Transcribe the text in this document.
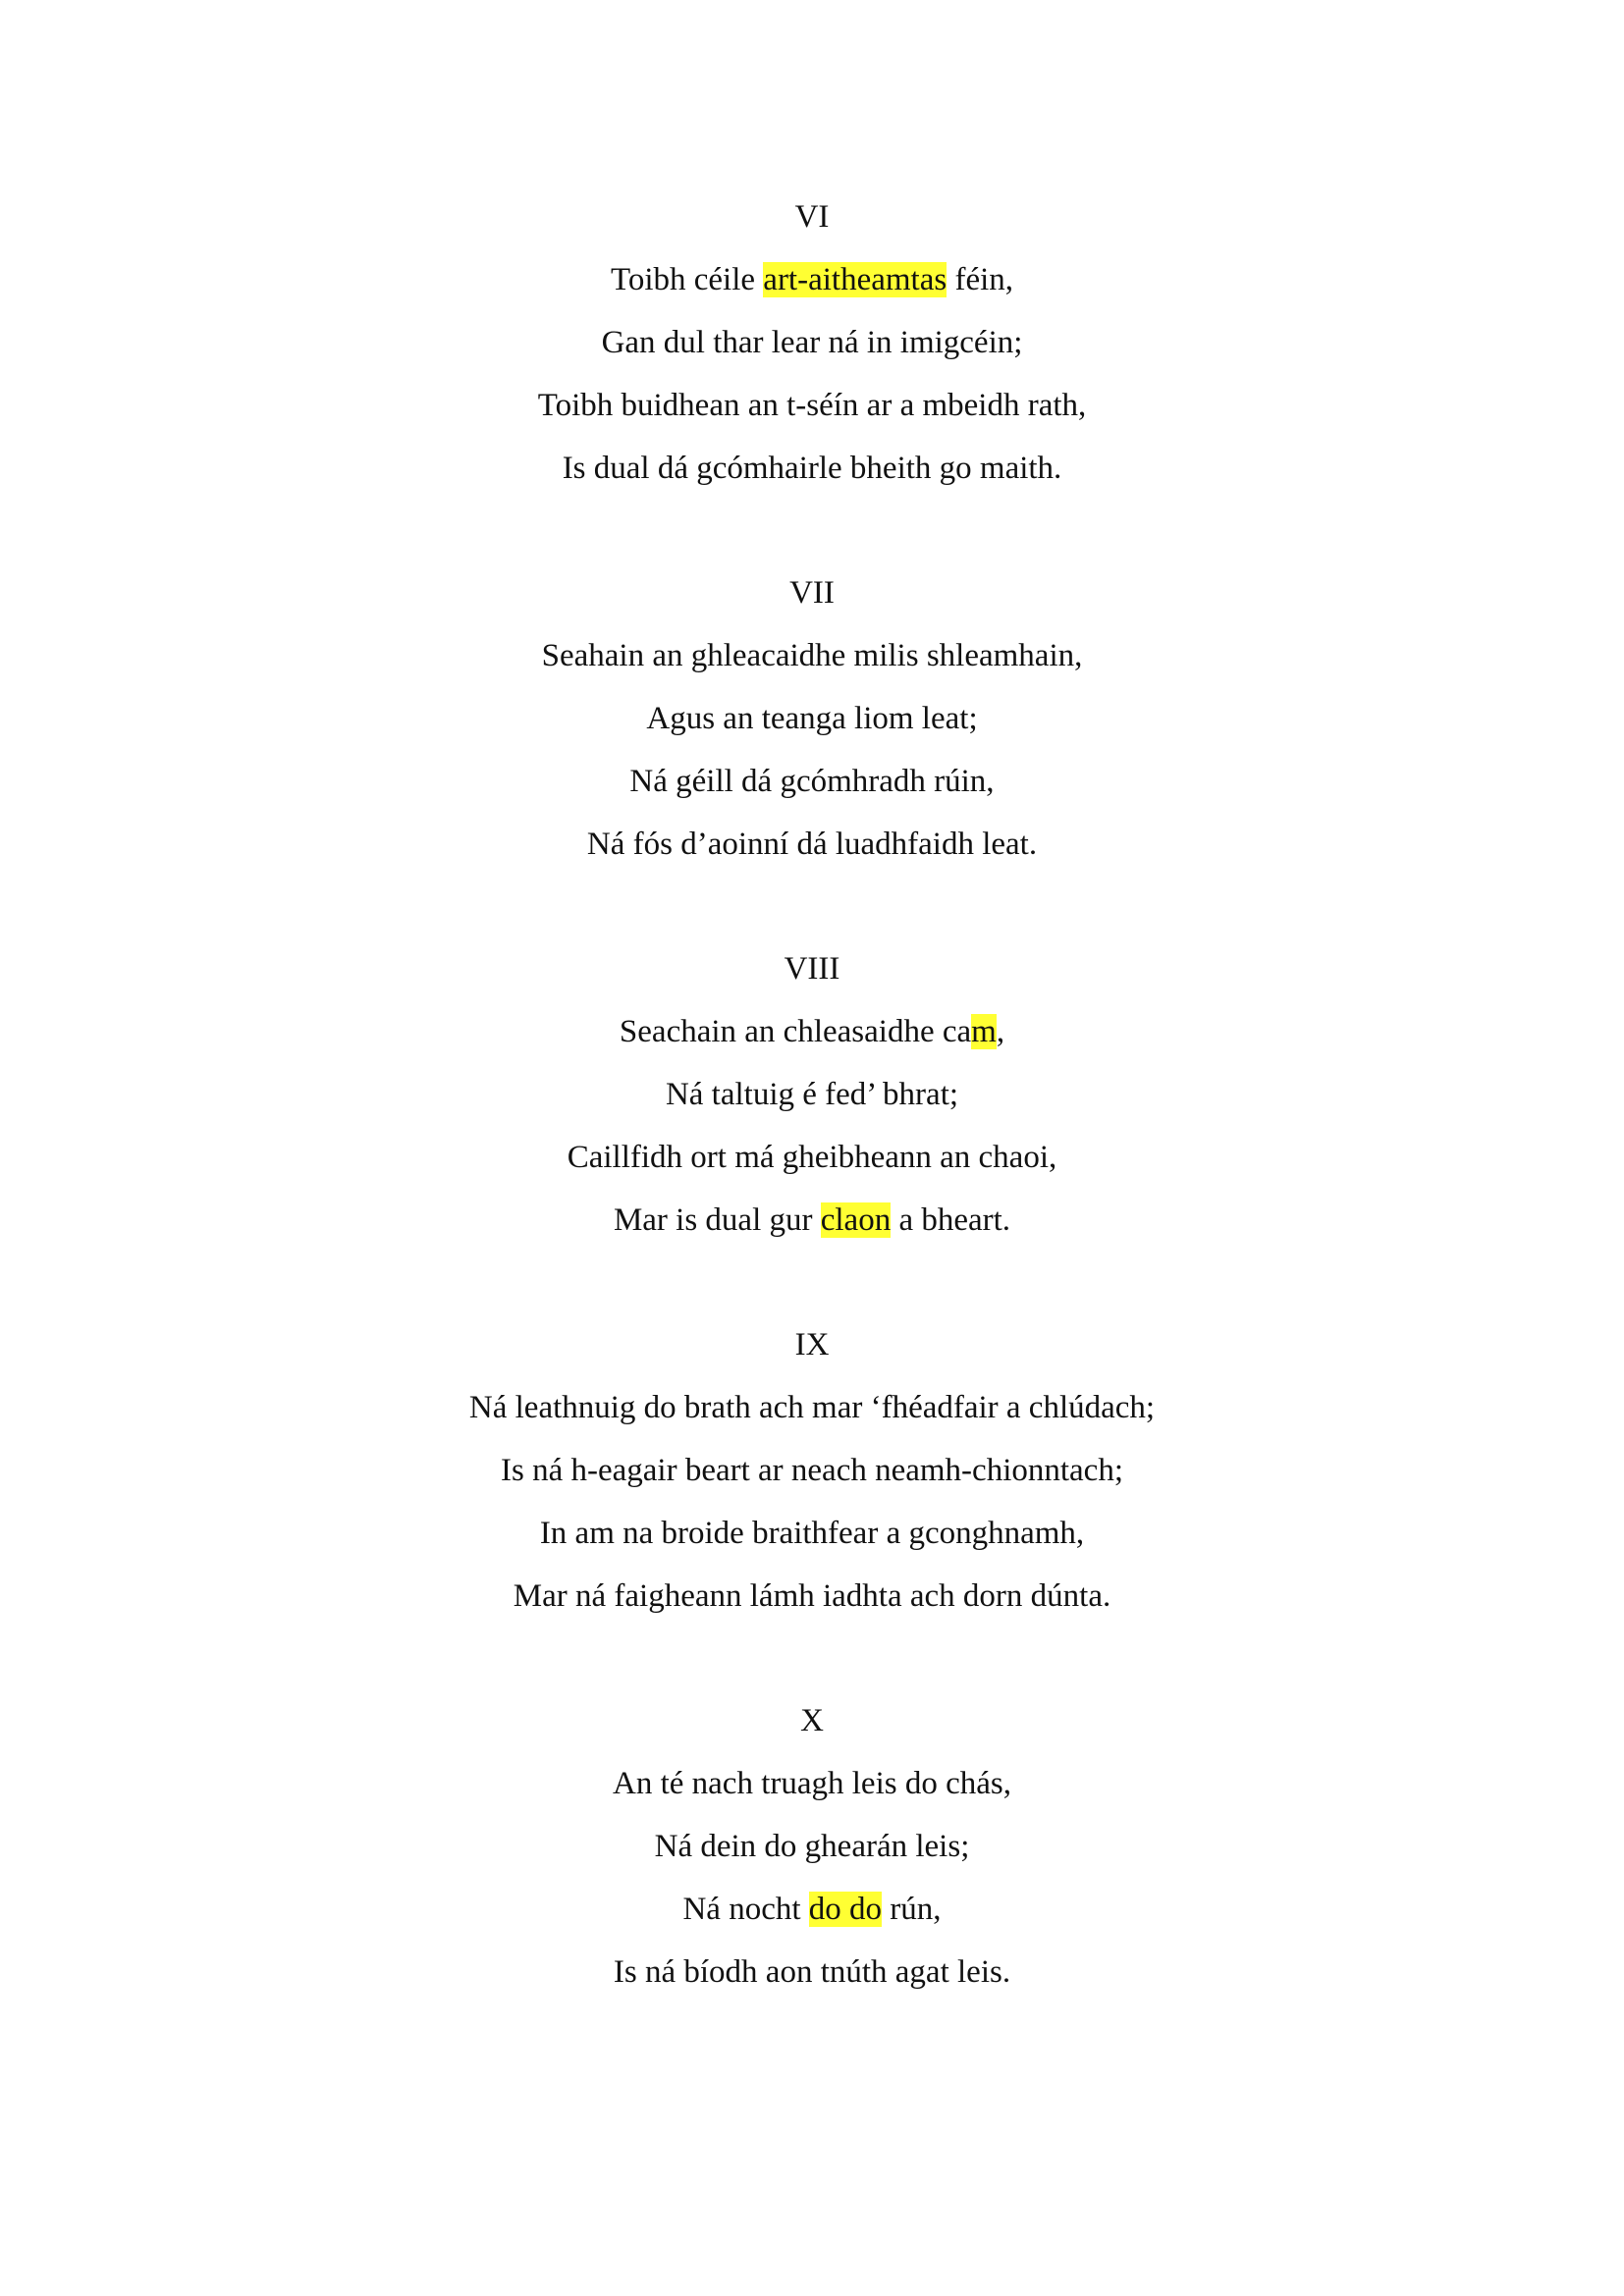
VI
Toibh céile art-aitheamtas féin,
Gan dul thar lear ná in imigcéin;
Toibh buidhean an t-séín ar a mbeidh rath,
Is dual dá gcómhairle bheith go maith.
VII
Seahain an ghleacaidhe milis shleamhain,
Agus an teanga liom leat;
Ná géill dá gcómhradh rúin,
Ná fós d’aoinní dá luadhfaidh leat.
VIII
Seachain an chleasaidhe cam,
Ná taltuig é fed’ bhrat;
Caillfidh ort má gheibheann an chaoi,
Mar is dual gur claon a bheart.
IX
Ná leathnuig do brath ach mar ‘fhéadfair a chlúdach;
Is ná h-eagair beart ar neach neamh-chionntach;
In am na broide braithfear a gconghnamh,
Mar ná faigheann lámh iadhta ach dorn dúnta.
X
An té nach truagh leis do chás,
Ná dein do ghearán leis;
Ná nocht do do rún,
Is ná bíodh aon tnúth agat leis.
